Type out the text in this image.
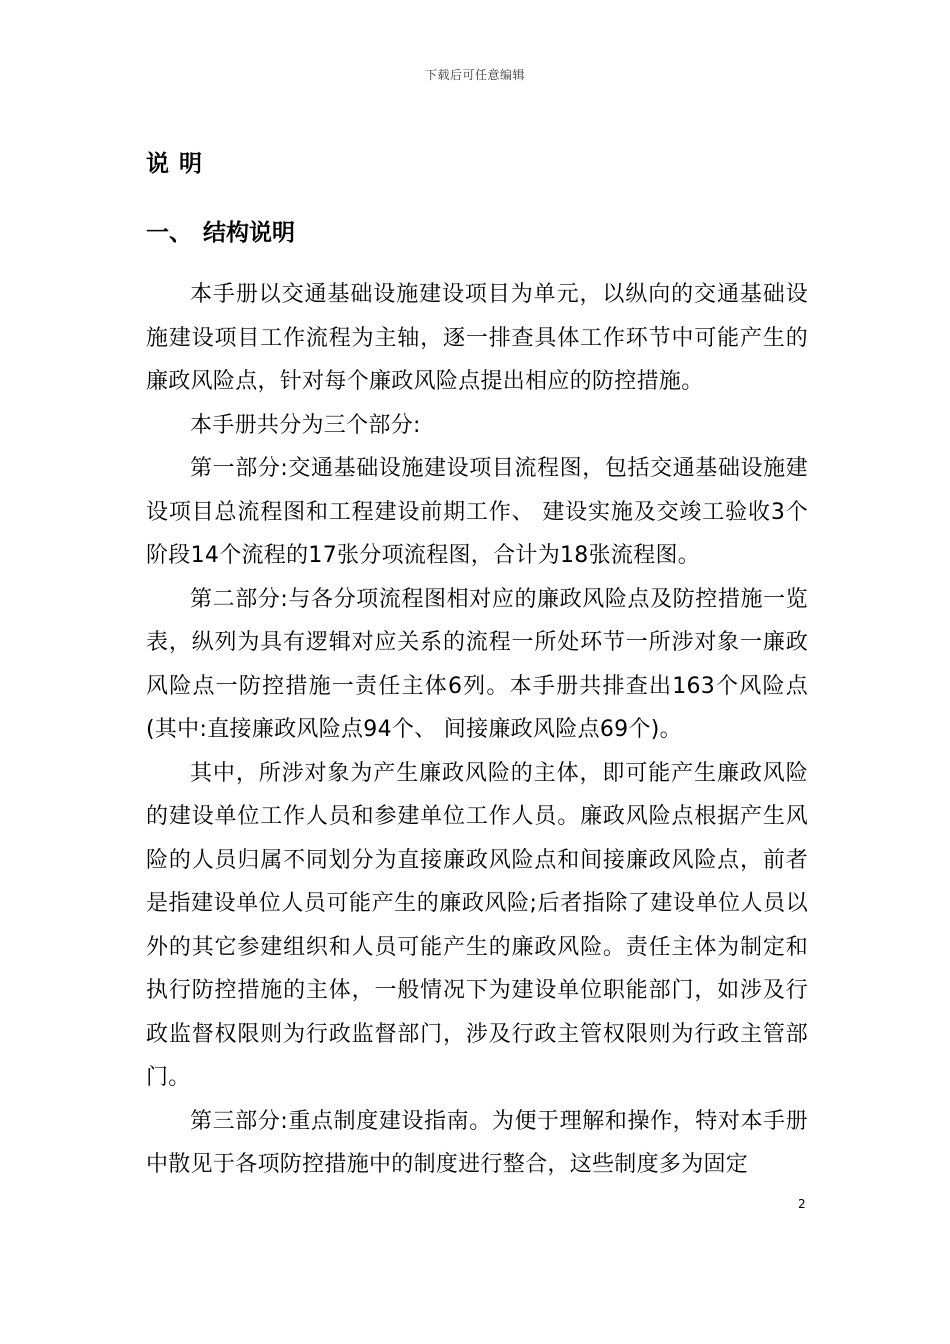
下载后可任意编辑
说明
一、 结构说明

本手册以交通基础设施建设项目为单元，以纵向的交通基础设施建设项目工作流程为主轴，逐一排查具体工作环节中可能产生的廉政风险点，针对每个廉政风险点提出相应的防控措施。

本手册共分为三个部分:

第一部分:交通基础设施建设项目流程图，包括交通基础设施建设项目总流程图和工程建设前期工作、 建设实施及交竣工验收3个阶段14个流程的17张分项流程图，合计为18张流程图。

第二部分:与各分项流程图相对应的廉政风险点及防控措施一览表，纵列为具有逻辑对应关系的流程一所处环节一所涉对象一廉政风险点一防控措施一责任主体6列。本手册共排查出163个风险点(其中:直接廉政风险点94个、 间接廉政风险点69个)。

其中，所涉对象为产生廉政风险的主体，即可能产生廉政风险的建设单位工作人员和参建单位工作人员。廉政风险点根据产生风险的人员归属不同划分为直接廉政风险点和间接廉政风险点，前者是指建设单位人员可能产生的廉政风险;后者指除了建设单位人员以外的其它参建组织和人员可能产生的廉政风险。责任主体为制定和执行防控措施的主体，一般情况下为建设单位职能部门，如涉及行政监督权限则为行政监督部门，涉及行政主管权限则为行政主管部门。

第三部分:重点制度建设指南。为便于理解和操作，特对本手册中散见于各项防控措施中的制度进行整合，这些制度多为固定

2
